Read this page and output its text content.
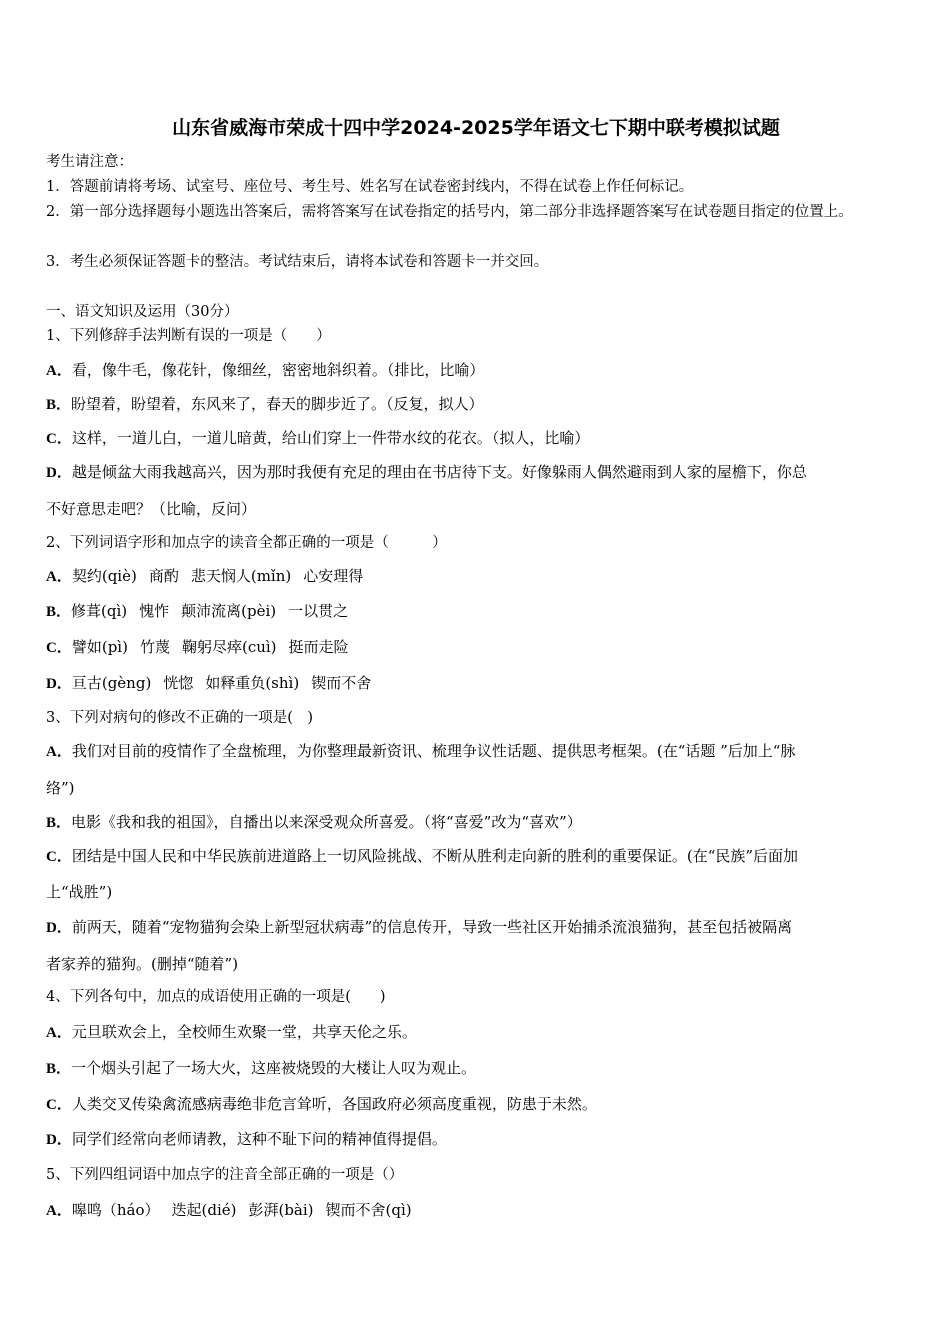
山东省威海市荣成十四中学2024-2025学年语文七下期中联考模拟试题
考生请注意：
1．答题前请将考场、试室号、座位号、考生号、姓名写在试卷密封线内，不得在试卷上作任何标记。
2．第一部分选择题每小题选出答案后，需将答案写在试卷指定的括号内，第二部分非选择题答案写在试卷题目指定的位置上。
3．考生必须保证答题卡的整洁。考试结束后，请将本试卷和答题卡一并交回。
一、语文知识及运用（30分）
1、下列修辞手法判断有误的一项是（　　）
A．看，像牛毛，像花针，像细丝，密密地斜织着。（排比，比喻）
B．盼望着，盼望着，东风来了，春天的脚步近了。（反复，拟人）
C．这样，一道儿白，一道儿暗黄，给山们穿上一件带水纹的花衣。（拟人，比喻）
D．越是倾盆大雨我越高兴，因为那时我便有充足的理由在书店待下支。好像躲雨人偶然避雨到人家的屋檐下，你总
不好意思走吧？（比喻，反问）
2、下列词语字形和加点字的读音全都正确的一项是（　　　）
A．契约(qiè) 商酌 悲天悯人(mǐn) 心安理得
B．修葺(qì) 愧怍 颠沛流离(pèi) 一以贯之
C．譬如(pì) 竹蔑 鞠躬尽瘁(cuì) 挺而走险
D．亘古(gèng) 恍惚 如释重负(shì) 锲而不舍
3、下列对病句的修改不正确的一项是(　)
A．我们对目前的疫情作了全盘梳理，为你整理最新资讯、梳理争议性话题、提供思考框架。(在“话题 ”后加上“脉
络”)
B．电影《我和我的祖国》，自播出以来深受观众所喜爱。（将“喜爱”改为“喜欢”）
C．团结是中国人民和中华民族前进道路上一切风险挑战、不断从胜利走向新的胜利的重要保证。(在“民族”后面加
上“战胜”)
D．前两天，随着“宠物猫狗会染上新型冠状病毒”的信息传开，导致一些社区开始捕杀流浪猫狗，甚至包括被隔离
者家养的猫狗。(删掉“随着”)
4、下列各句中，加点的成语使用正确的一项是(　　)
A．元旦联欢会上，全校师生欢聚一堂，共享天伦之乐。
B．一个烟头引起了一场大火，这座被烧毁的大楼让人叹为观止。
C．人类交叉传染禽流感病毒绝非危言耸听，各国政府必须高度重视，防患于未然。
D．同学们经常向老师请教，这种不耻下问的精神值得提倡。
5、下列四组词语中加点字的注音全部正确的一项是（）
A．嗥鸣（háo） 迭起(dié) 彭湃(bài) 锲而不舍(qì)
